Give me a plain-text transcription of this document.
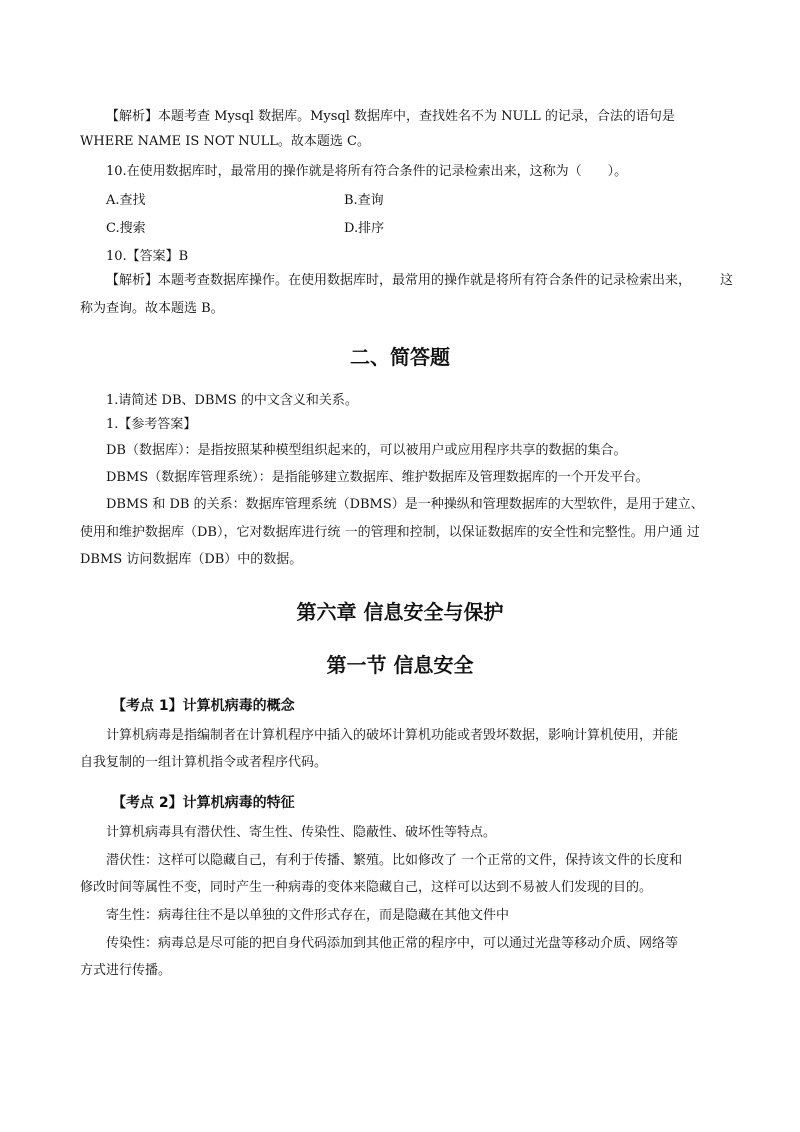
【解析】本题考查 Mysql 数据库。Mysql 数据库中，查找姓名不为 NULL 的记录，合法的语句是
WHERE NAME IS NOT NULL。故本题选 C。
10.在使用数据库时，最常用的操作就是将所有符合条件的记录检索出来，这称为（　　）。
A.查找	B.查询
C.搜索	D.排序
10.【答案】B
【解析】本题考查数据库操作。在使用数据库时，最常用的操作就是将所有符合条件的记录检索出来， 这
称为查询。故本题选 B。
二、简答题
1.请简述 DB、DBMS 的中文含义和关系。
1.【参考答案】
DB（数据库）：是指按照某种模型组织起来的，可以被用户或应用程序共享的数据的集合。
DBMS（数据库管理系统）：是指能够建立数据库、维护数据库及管理数据库的一个开发平台。
DBMS 和 DB 的关系：数据库管理系统（DBMS）是一种操纵和管理数据库的大型软件，是用于建立、
使用和维护数据库（DB），它对数据库进行统 一的管理和控制，以保证数据库的安全性和完整性。用户通 过
DBMS 访问数据库（DB）中的数据。
第六章 信息安全与保护
第一节 信息安全
【考点 1】计算机病毒的概念
计算机病毒是指编制者在计算机程序中插入的破坏计算机功能或者毁坏数据，影响计算机使用，并能
自我复制的一组计算机指令或者程序代码。
【考点 2】计算机病毒的特征
计算机病毒具有潜伏性、寄生性、传染性、隐蔽性、破坏性等特点。
潜伏性：这样可以隐藏自己，有利于传播、繁殖。比如修改了 一个正常的文件，保持该文件的长度和
修改时间等属性不变，同时产生一种病毒的变体来隐藏自己，这样可以达到不易被人们发现的目的。
寄生性：病毒往往不是以单独的文件形式存在，而是隐藏在其他文件中
传染性：病毒总是尽可能的把自身代码添加到其他正常的程序中，可以通过光盘等移动介质、网络等
方式进行传播。
